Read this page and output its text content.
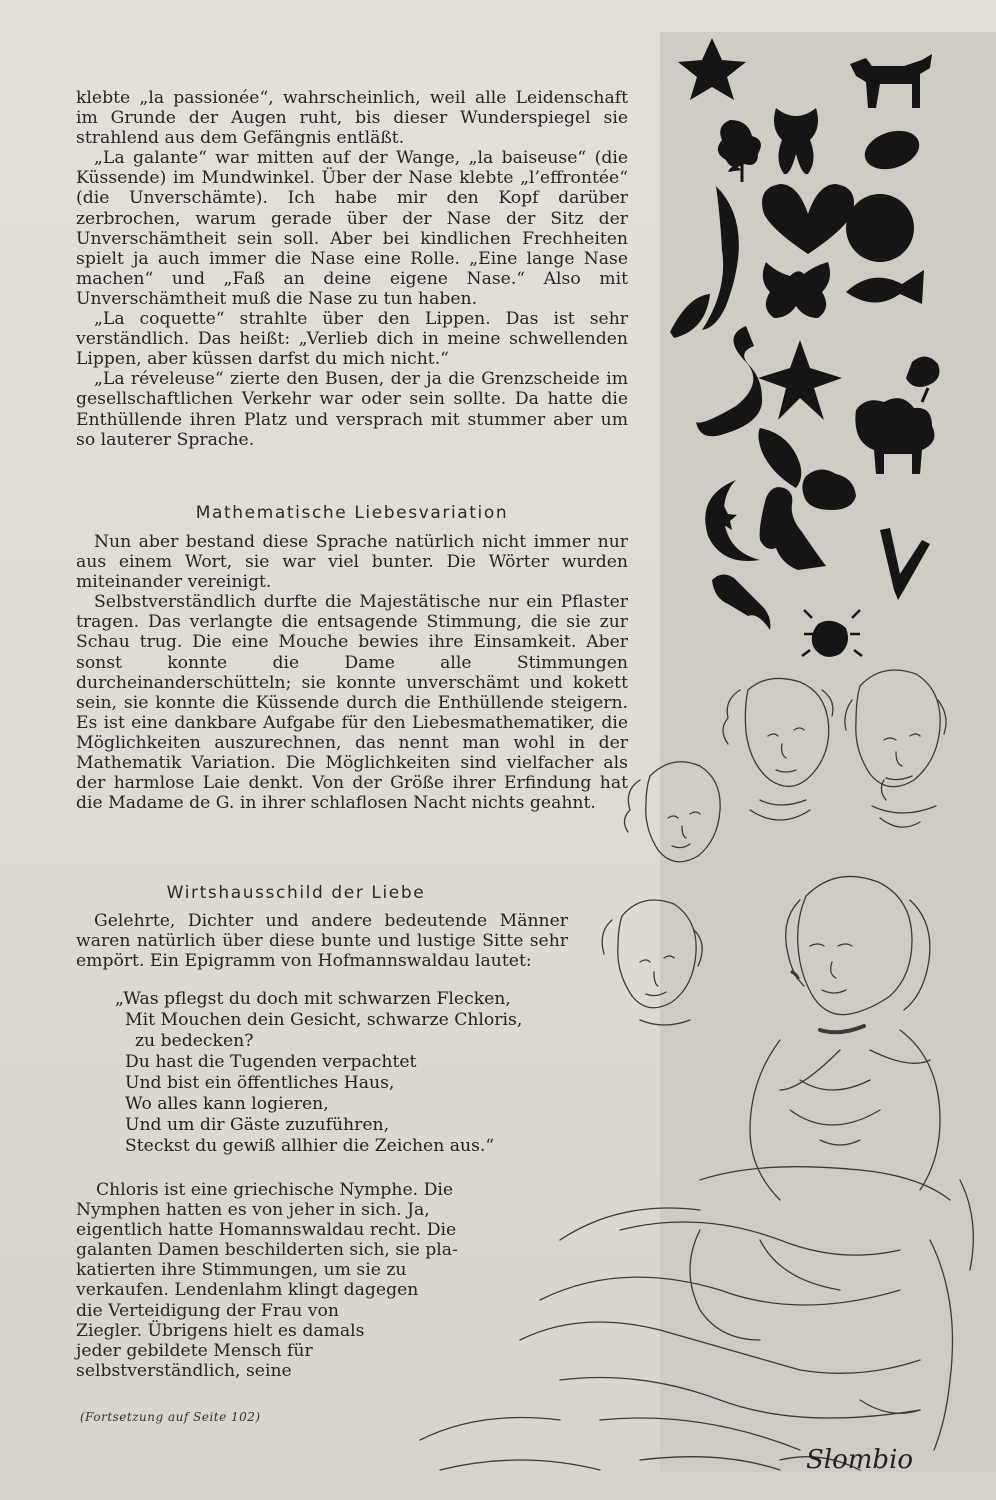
Slombio

klebte „la passionée“, wahrscheinlich, weil alle Leidenschaft im Grunde der Augen ruht, bis dieser Wunderspiegel sie strahlend aus dem Gefängnis entläßt.

„La galante“ war mitten auf der Wange, „la baiseuse“ (die Küssende) im Mundwinkel. Über der Nase klebte „l’effrontée“ (die Unverschämte). Ich habe mir den Kopf darüber zerbrochen, warum gerade über der Nase der Sitz der Unverschämtheit sein soll. Aber bei kindlichen Frechheiten spielt ja auch immer die Nase eine Rolle. „Eine lange Nase machen“ und „Faß an deine eigene Nase.“ Also mit Unverschämtheit muß die Nase zu tun haben.

„La coquette“ strahlte über den Lippen. Das ist sehr verständlich. Das heißt: „Verlieb dich in meine schwellenden Lippen, aber küssen darfst du mich nicht.“

„La réveleuse“ zierte den Busen, der ja die Grenzscheide im gesellschaftlichen Verkehr war oder sein sollte. Da hatte die Enthüllende ihren Platz und versprach mit stummer aber um so lauterer Sprache.

Mathematische Liebesvariation

Nun aber bestand diese Sprache natürlich nicht immer nur aus einem Wort, sie war viel bunter. Die Wörter wurden miteinander vereinigt.

Selbstverständlich durfte die Majestätische nur ein Pflaster tragen. Das verlangte die entsagende Stimmung, die sie zur Schau trug. Die eine Mouche bewies ihre Einsamkeit. Aber sonst konnte die Dame alle Stimmungen durcheinanderschütteln; sie konnte unverschämt und kokett sein, sie konnte die Küssende durch die Enthüllende steigern. Es ist eine dankbare Aufgabe für den Liebesmathematiker, die Möglichkeiten auszurechnen, das nennt man wohl in der Mathematik Variation. Die Möglichkeiten sind vielfacher als der harmlose Laie denkt. Von der Größe ihrer Erfindung hat die Madame de G. in ihrer schlaflosen Nacht nichts geahnt.

Wirtshausschild der Liebe

Gelehrte, Dichter und andere bedeutende Männer waren natürlich über diese bunte und lustige Sitte sehr empört. Ein Epigramm von Hofmannswaldau lautet:

„Was pflegst du doch mit schwarzen Flecken,
Mit Mouchen dein Gesicht, schwarze Chloris,
zu bedecken?
Du hast die Tugenden verpachtet
Und bist ein öffentliches Haus,
Wo alles kann logieren,
Und um dir Gäste zuzuführen,
Steckst du gewiß allhier die Zeichen aus.“
Chloris ist eine griechische Nymphe. Die
Nymphen hatten es von jeher in sich. Ja,
eigentlich hatte Homannswaldau recht. Die
galanten Damen beschilderten sich, sie pla-
katierten ihre Stimmungen, um sie zu
verkaufen. Lendenlahm klingt dagegen
die Verteidigung der Frau von
Ziegler. Übrigens hielt es damals
jeder gebildete Mensch für
selbstverständlich, seine
(Fortsetzung auf Seite 102)
